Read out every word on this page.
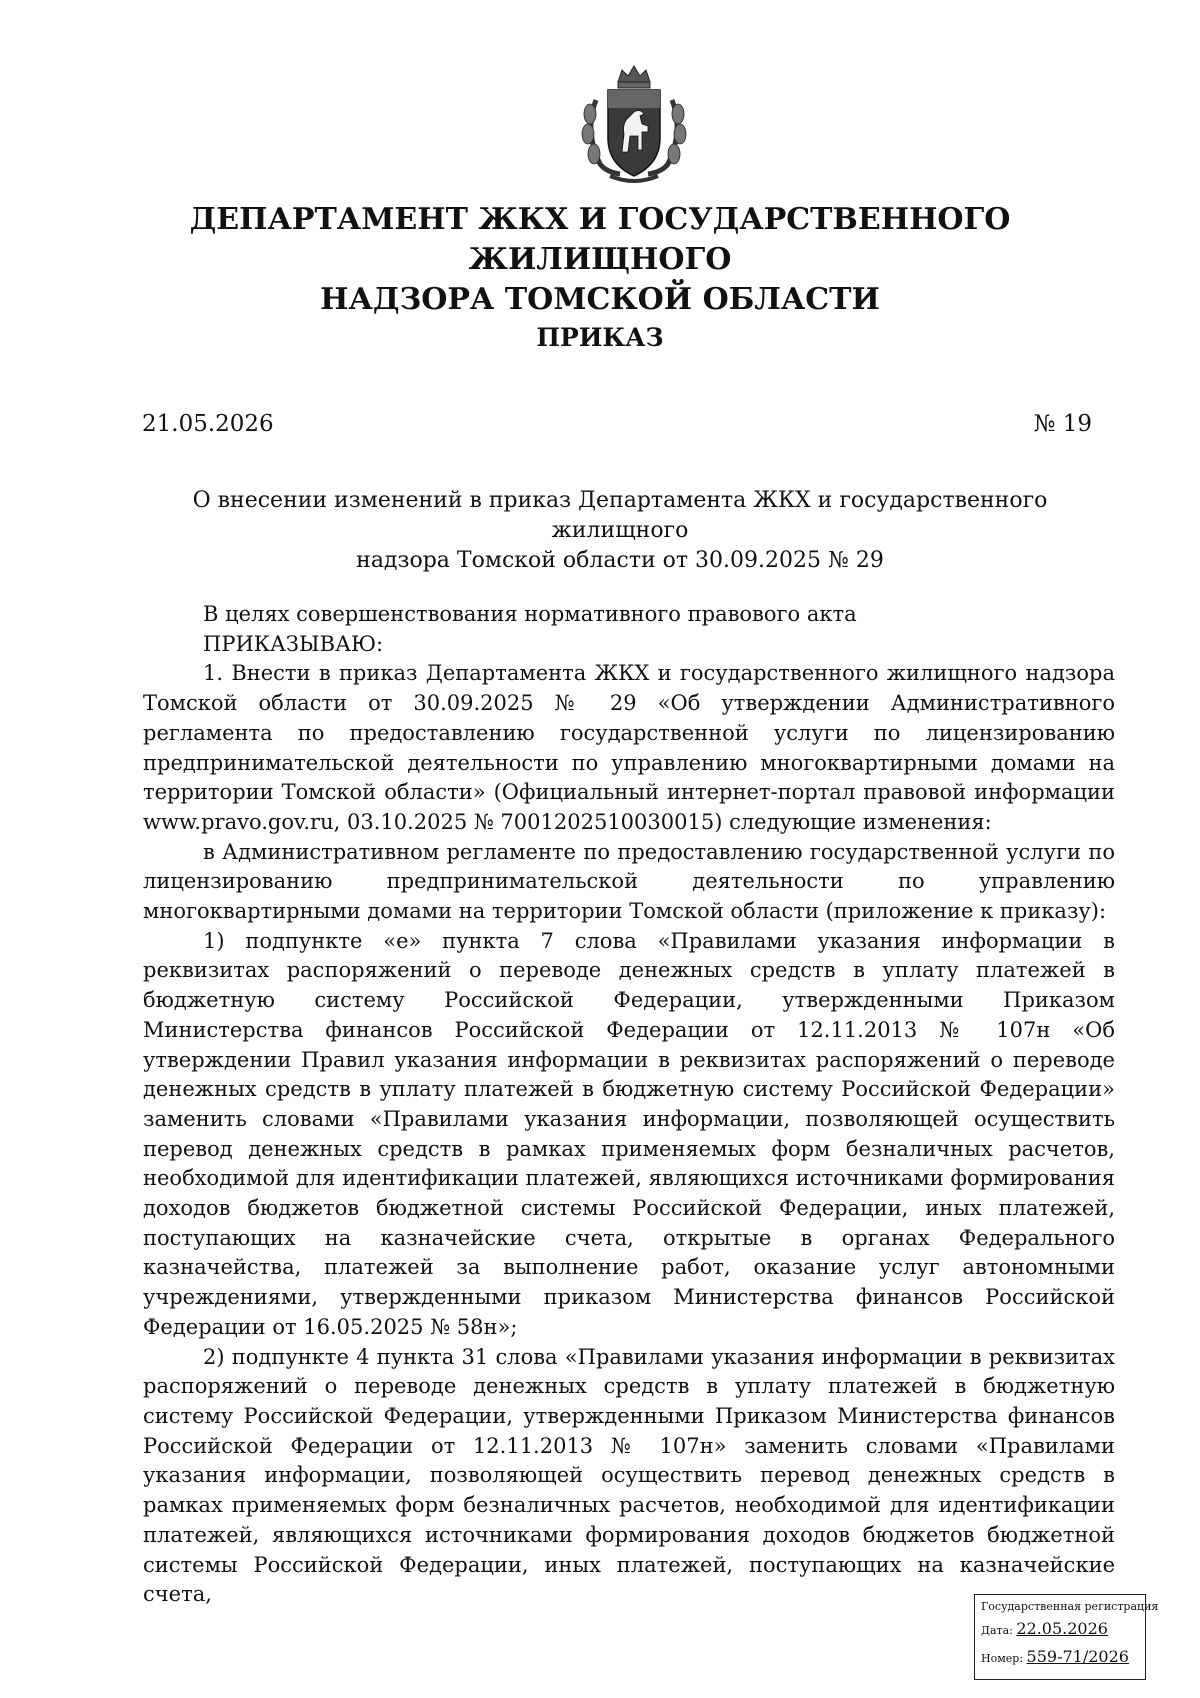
ДЕПАРТАМЕНТ ЖКХ И ГОСУДАРСТВЕННОГО ЖИЛИЩНОГО
НАДЗОРА ТОМСКОЙ ОБЛАСТИ
ПРИКАЗ
21.05.2026	№ 19
О внесении изменений в приказ Департамента ЖКХ и государственного жилищного
надзора Томской области от 30.09.2025 № 29

В целях совершенствования нормативного правового акта

ПРИКАЗЫВАЮ:

1. Внести в приказ Департамента ЖКХ и государственного жилищного надзора Томской области от 30.09.2025 № 29 «Об утверждении Административного регламента по предоставлению государственной услуги по лицензированию предпринимательской деятельности по управлению многоквартирными домами на территории Томской области» (Официальный интернет-портал правовой информации www.pravo.gov.ru, 03.10.2025 № 7001202510030015) следующие изменения:

в Административном регламенте по предоставлению государственной услуги по лицензированию предпринимательской деятельности по управлению многоквартирными домами на территории Томской области (приложение к приказу):

1) подпункте «е» пункта 7 слова «Правилами указания информации в реквизитах распоряжений о переводе денежных средств в уплату платежей в бюджетную систему Российской Федерации, утвержденными Приказом Министерства финансов Российской Федерации от 12.11.2013 № 107н «Об утверждении Правил указания информации в реквизитах распоряжений о переводе денежных средств в уплату платежей в бюджетную систему Российской Федерации» заменить словами «Правилами указания информации, позволяющей осуществить перевод денежных средств в рамках применяемых форм безналичных расчетов, необходимой для идентификации платежей, являющихся источниками формирования доходов бюджетов бюджетной системы Российской Федерации, иных платежей, поступающих на казначейские счета, открытые в органах Федерального казначейства, платежей за выполнение работ, оказание услуг автономными учреждениями, утвержденными приказом Министерства финансов Российской Федерации от 16.05.2025 № 58н»;

2) подпункте 4 пункта 31 слова «Правилами указания информации в реквизитах распоряжений о переводе денежных средств в уплату платежей в бюджетную систему Российской Федерации, утвержденными Приказом Министерства финансов Российской Федерации от 12.11.2013 № 107н» заменить словами «Правилами указания информации, позволяющей осуществить перевод денежных средств в рамках применяемых форм безналичных расчетов, необходимой для идентификации платежей, являющихся источниками формирования доходов бюджетов бюджетной системы Российской Федерации, иных платежей, поступающих на казначейские счета,

Государственная регистрация
Дата: 22.05.2026
Номер: 559-71/2026
